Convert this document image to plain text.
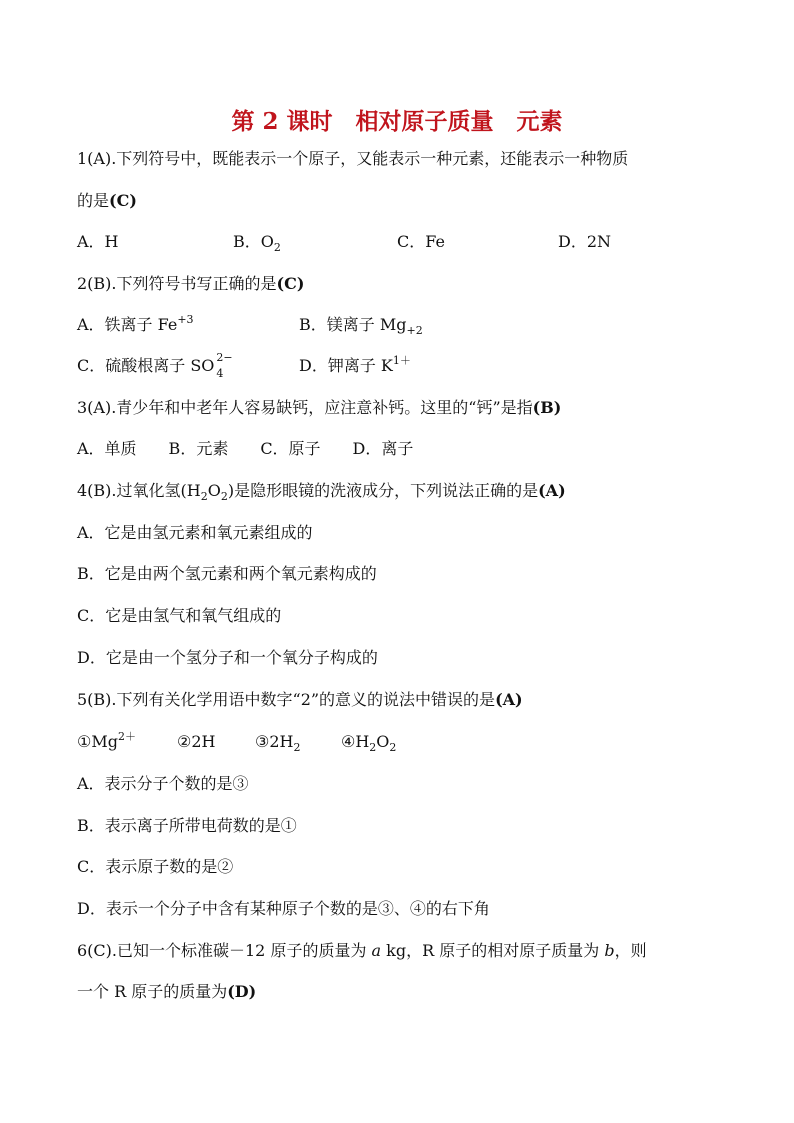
第 2 课时　相对原子质量　元素
1(A).下列符号中，既能表示一个原子，又能表示一种元素，还能表示一种物质
的是(C)
A．H	B．$O_2$	C．Fe	D．2N
2(B).下列符号书写正确的是(C)
A．铁离子 $Fe^{+3}$	B．镁离子 $Mg_{+2}$
C．硫酸根离子 SO 2−
4	D．钾离子 $K^{1+}$
3(A).青少年和中老年人容易缺钙，应注意补钙。这里的“钙”是指(B)
A．单质　　B．元素　　C．原子　　D．离子
4(B).过氧化氢$(H_2O_2)$是隐形眼镜的洗液成分，下列说法正确的是(A)
A．它是由氢元素和氧元素组成的
B．它是由两个氢元素和两个氧元素构成的
C．它是由氢气和氧气组成的
D．它是由一个氢分子和一个氧分子构成的
5(B).下列有关化学用语中数字“2”的意义的说法中错误的是(A)
$①Mg^{2+}$	②2H $③2H_2$	$④H_2O_2$
A．表示分子个数的是③
B．表示离子所带电荷数的是①
C．表示原子数的是②
D．表示一个分子中含有某种原子个数的是③、④的右下角
6(C).已知一个标准碳－12 原子的质量为 a kg，R 原子的相对原子质量为 b，则
一个 R 原子的质量为(D)
